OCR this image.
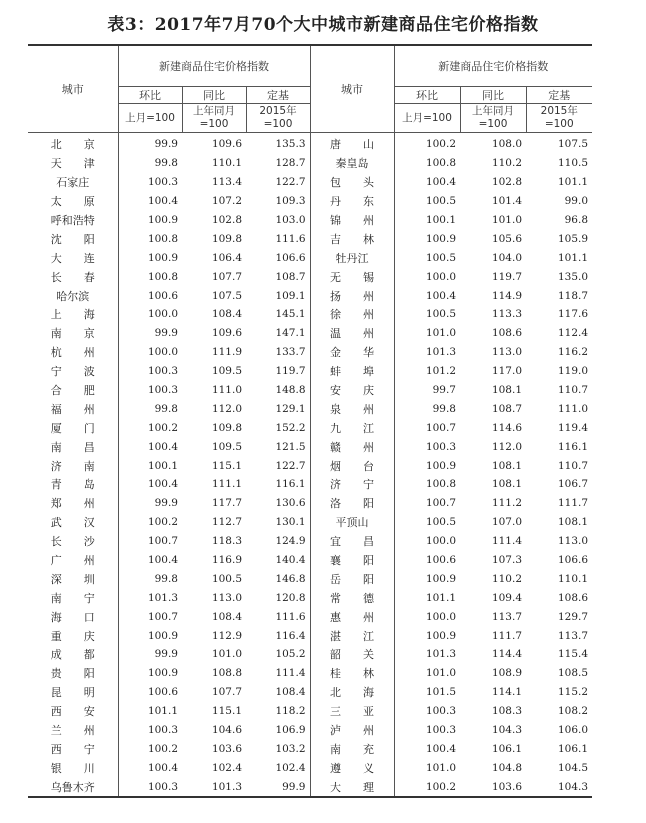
表3：2017年7月70个大中城市新建商品住宅价格指数
城市	新建商品住宅价格指数			城市	新建商品住宅价格指数		
	环比	同比	定基		环比	同比	定基
	上月=100	上年同月=100	2015年=100		上月=100	上年同月=100	2015年=100
北　　京	99.9	109.6	135.3	唐　　山	100.2	108.0	107.5
天　　津	99.8	110.1	128.7	秦皇岛	100.8	110.2	110.5
石家庄	100.3	113.4	122.7	包　　头	100.4	102.8	101.1
太　　原	100.4	107.2	109.3	丹　　东	100.5	101.4	99.0
呼和浩特	100.9	102.8	103.0	锦　　州	100.1	101.0	96.8
沈　　阳	100.8	109.8	111.6	吉　　林	100.9	105.6	105.9
大　　连	100.9	106.4	106.6	牡丹江	100.5	104.0	101.1
长　　春	100.8	107.7	108.7	无　　锡	100.0	119.7	135.0
哈尔滨	100.6	107.5	109.1	扬　　州	100.4	114.9	118.7
上　　海	100.0	108.4	145.1	徐　　州	100.5	113.3	117.6
南　　京	99.9	109.6	147.1	温　　州	101.0	108.6	112.4
杭　　州	100.0	111.9	133.7	金　　华	101.3	113.0	116.2
宁　　波	100.3	109.5	119.7	蚌　　埠	101.2	117.0	119.0
合　　肥	100.3	111.0	148.8	安　　庆	99.7	108.1	110.7
福　　州	99.8	112.0	129.1	泉　　州	99.8	108.7	111.0
厦　　门	100.2	109.8	152.2	九　　江	100.7	114.6	119.4
南　　昌	100.4	109.5	121.5	赣　　州	100.3	112.0	116.1
济　　南	100.1	115.1	122.7	烟　　台	100.9	108.1	110.7
青　　岛	100.4	111.1	116.1	济　　宁	100.8	108.1	106.7
郑　　州	99.9	117.7	130.6	洛　　阳	100.7	111.2	111.7
武　　汉	100.2	112.7	130.1	平顶山	100.5	107.0	108.1
长　　沙	100.7	118.3	124.9	宜　　昌	100.0	111.4	113.0
广　　州	100.4	116.9	140.4	襄　　阳	100.6	107.3	106.6
深　　圳	99.8	100.5	146.8	岳　　阳	100.9	110.2	110.1
南　　宁	101.3	113.0	120.8	常　　德	101.1	109.4	108.6
海　　口	100.7	108.4	111.6	惠　　州	100.0	113.7	129.7
重　　庆	100.9	112.9	116.4	湛　　江	100.9	111.7	113.7
成　　都	99.9	101.0	105.2	韶　　关	101.3	114.4	115.4
贵　　阳	100.9	108.8	111.4	桂　　林	101.0	108.9	108.5
昆　　明	100.6	107.7	108.4	北　　海	101.5	114.1	115.2
西　　安	101.1	115.1	118.2	三　　亚	100.3	108.3	108.2
兰　　州	100.3	104.6	106.9	泸　　州	100.3	104.3	106.0
西　　宁	100.2	103.6	103.2	南　　充	100.4	106.1	106.1
银　　川	100.4	102.4	102.4	遵　　义	101.0	104.8	104.5
乌鲁木齐	100.3	101.3	99.9	大　　理	100.2	103.6	104.3
